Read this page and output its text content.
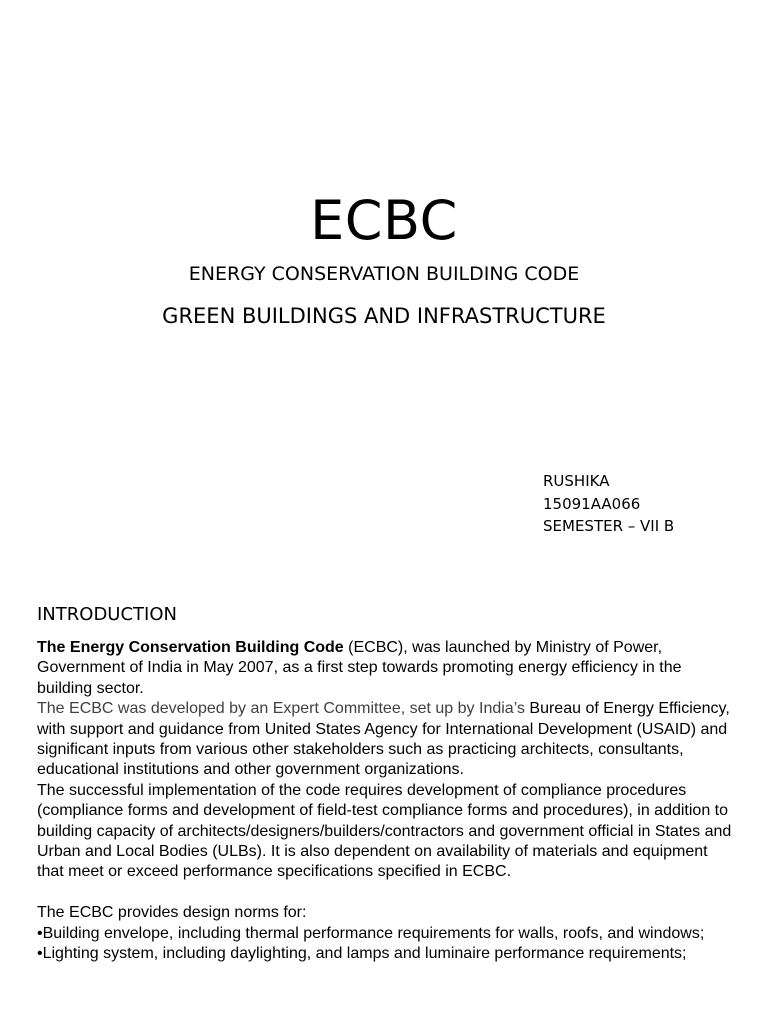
ECBC
ENERGY CONSERVATION BUILDING CODE
GREEN BUILDINGS AND INFRASTRUCTURE
RUSHIKA
15091AA066
SEMESTER – VII B
INTRODUCTION

The Energy Conservation Building Code (ECBC), was launched by Ministry of Power, Government of India in May 2007, as a first step towards promoting energy efficiency in the building sector.

The ECBC was developed by an Expert Committee, set up by India’s Bureau of Energy Efficiency, with support and guidance from United States Agency for International Development (USAID) and significant inputs from various other stakeholders such as practicing architects, consultants, educational institutions and other government organizations.

The successful implementation of the code requires development of compliance procedures (compliance forms and development of field-test compliance forms and procedures), in addition to building capacity of architects/designers/builders/contractors and government official in States and Urban and Local Bodies (ULBs). It is also dependent on availability of materials and equipment that meet or exceed performance specifications specified in ECBC.

The ECBC provides design norms for:

•Building envelope, including thermal performance requirements for walls, roofs, and windows;

•Lighting system, including daylighting, and lamps and luminaire performance requirements;
